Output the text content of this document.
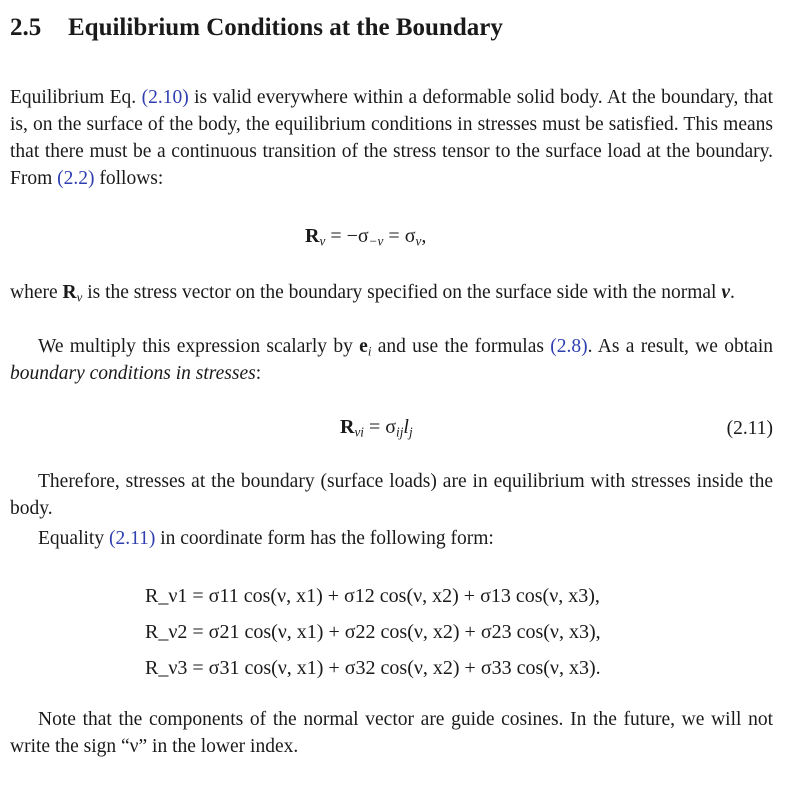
2.5 Equilibrium Conditions at the Boundary
Equilibrium Eq. (2.10) is valid everywhere within a deformable solid body. At the boundary, that is, on the surface of the body, the equilibrium conditions in stresses must be satisfied. This means that there must be a continuous transition of the stress tensor to the surface load at the boundary. From (2.2) follows:
$R_\nu = -\sigma_{-\nu} = \sigma_\nu$,
where $R_\nu$ is the stress vector on the boundary specified on the surface side with the normal ν.
We multiply this expression scalarly by $e_i$ and use the formulas (2.8). As a result, we obtain boundary conditions in stresses:
$R_{\nu i} = \sigma_{ij}l_j$	(2.11)
Therefore, stresses at the boundary (surface loads) are in equilibrium with stresses inside the body.
Equality (2.11) in coordinate form has the following form:
R_ν1 = σ11 cos(ν, x1) + σ12 cos(ν, x2) + σ13 cos(ν, x3),
R_ν2 = σ21 cos(ν, x1) + σ22 cos(ν, x2) + σ23 cos(ν, x3),
R_ν3 = σ31 cos(ν, x1) + σ32 cos(ν, x2) + σ33 cos(ν, x3).
Note that the components of the normal vector are guide cosines. In the future, we will not write the sign “ν” in the lower index.
